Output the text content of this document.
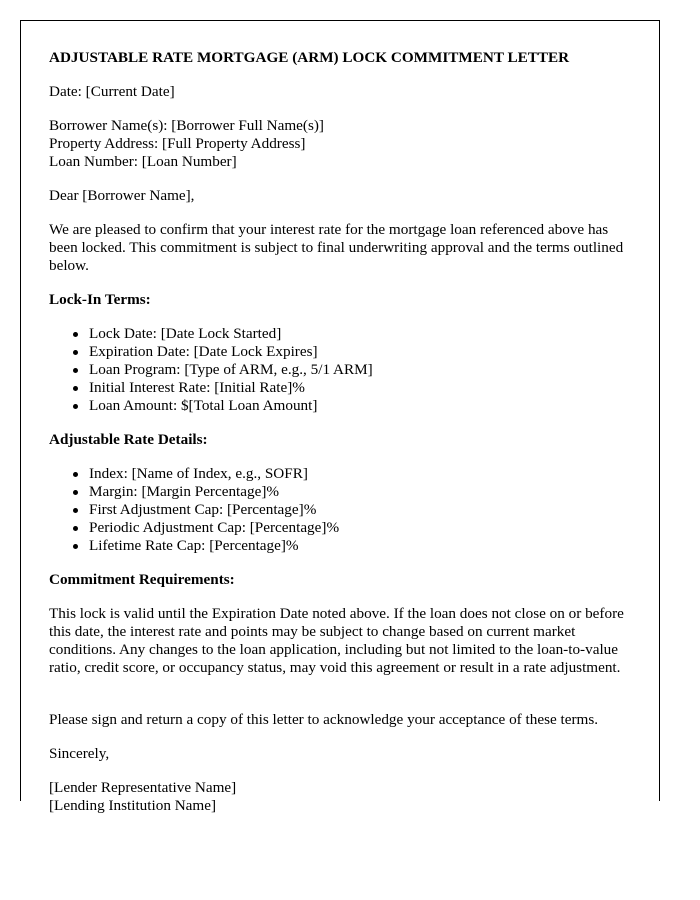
ADJUSTABLE RATE MORTGAGE (ARM) LOCK COMMITMENT LETTER
Date: [Current Date]
Borrower Name(s): [Borrower Full Name(s)]
Property Address: [Full Property Address]
Loan Number: [Loan Number]
Dear [Borrower Name],
We are pleased to confirm that your interest rate for the mortgage loan referenced above has been locked. This commitment is subject to final underwriting approval and the terms outlined below.
Lock-In Terms:
Lock Date: [Date Lock Started]
Expiration Date: [Date Lock Expires]
Loan Program: [Type of ARM, e.g., 5/1 ARM]
Initial Interest Rate: [Initial Rate]%
Loan Amount: $[Total Loan Amount]
Adjustable Rate Details:
Index: [Name of Index, e.g., SOFR]
Margin: [Margin Percentage]%
First Adjustment Cap: [Percentage]%
Periodic Adjustment Cap: [Percentage]%
Lifetime Rate Cap: [Percentage]%
Commitment Requirements:
This lock is valid until the Expiration Date noted above. If the loan does not close on or before this date, the interest rate and points may be subject to change based on current market conditions. Any changes to the loan application, including but not limited to the loan-to-value ratio, credit score, or occupancy status, may void this agreement or result in a rate adjustment.
Please sign and return a copy of this letter to acknowledge your acceptance of these terms.
Sincerely,
[Lender Representative Name]
[Lending Institution Name]
